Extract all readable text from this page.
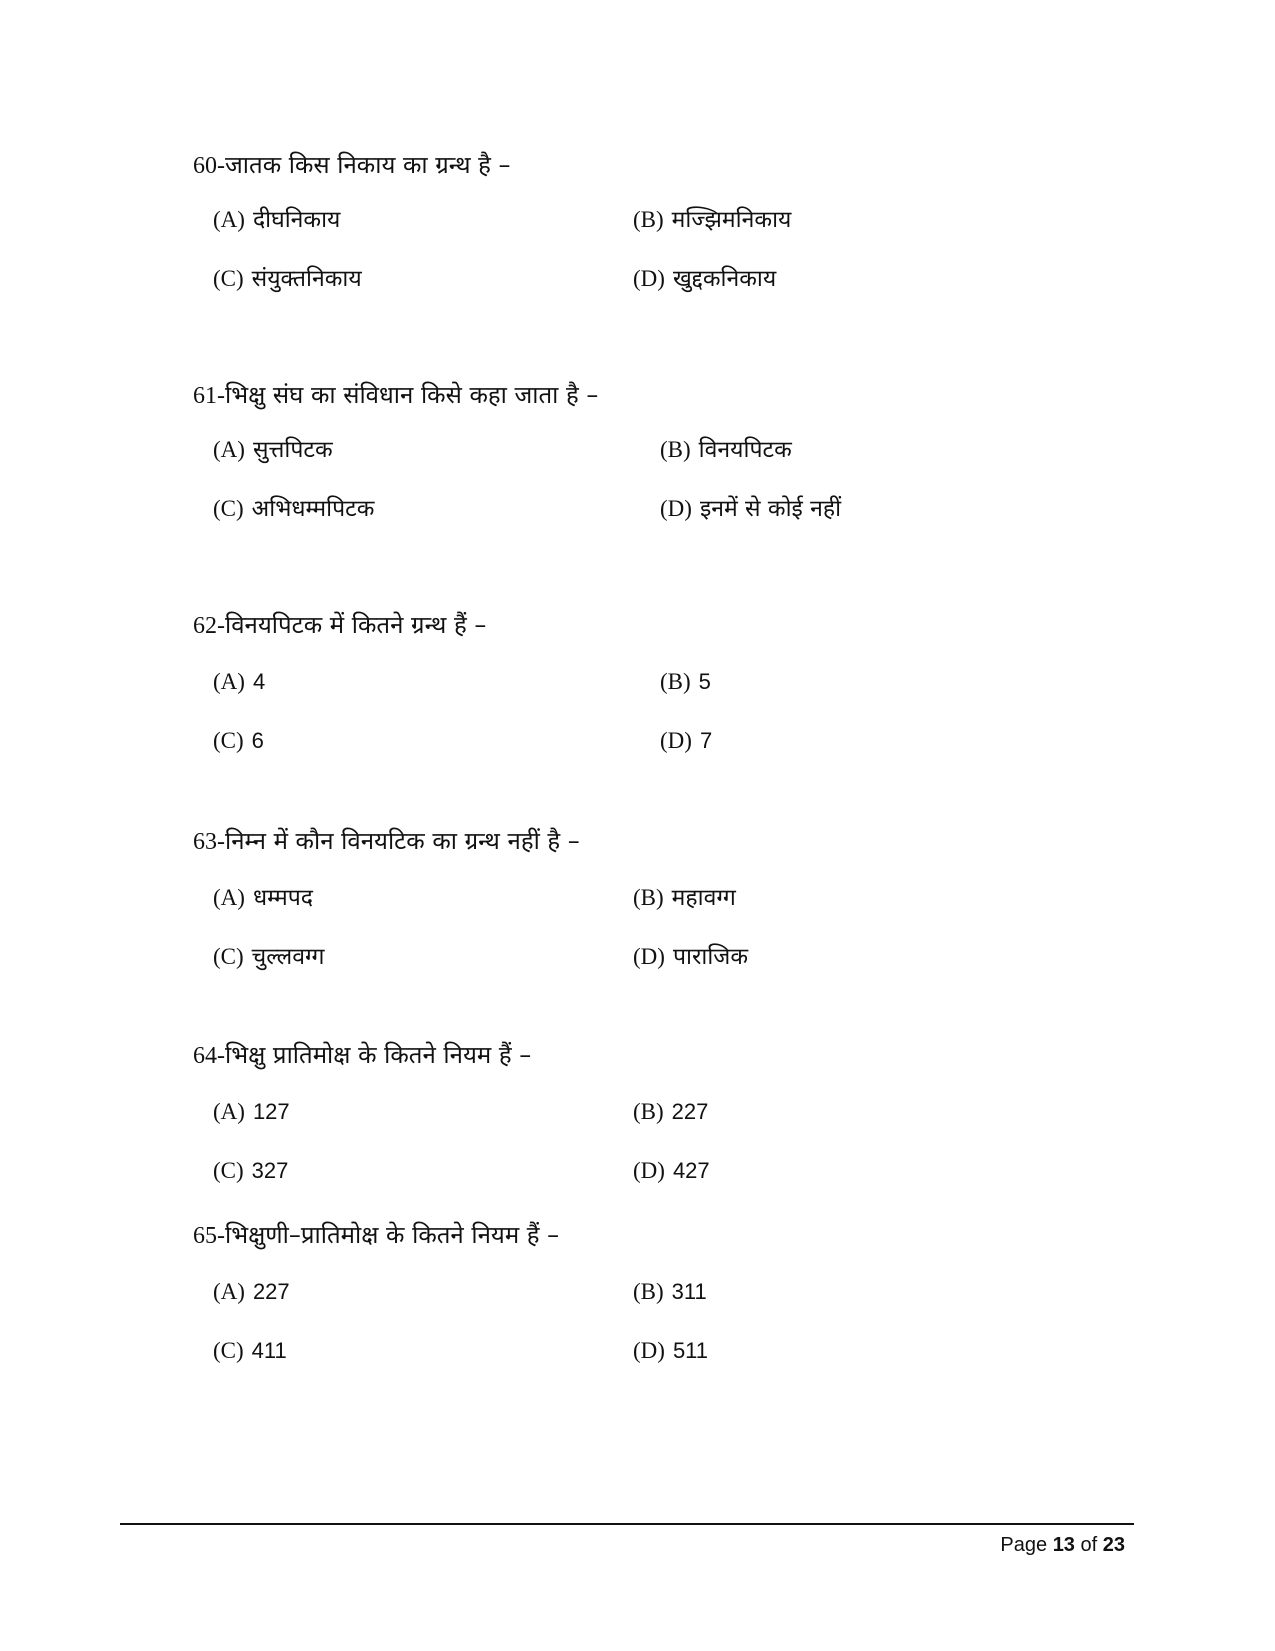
60-जातक किस निकाय का ग्रन्थ है –
(A) दीघनिकाय	(B) मज्झिमनिकाय
(C) संयुक्तनिकाय	(D) खुद्दकनिकाय
61-भिक्षु संघ का संविधान किसे कहा जाता है –
(A) सुत्तपिटक	(B) विनयपिटक
(C) अभिधम्मपिटक	(D) इनमें से कोई नहीं
62-विनयपिटक में कितने ग्रन्थ हैं –
(A) 4	(B) 5
(C) 6	(D) 7
63-निम्न में कौन विनयटिक का ग्रन्थ नहीं है –
(A) धम्मपद	(B) महावग्ग
(C) चुल्लवग्ग	(D) पाराजिक
64-भिक्षु प्रातिमोक्ष के कितने नियम हैं –
(A) 127	(B) 227
(C) 327	(D) 427
65-भिक्षुणी–प्रातिमोक्ष के कितने नियम हैं –
(A) 227	(B) 311
(C) 411	(D) 511
Page 13 of 23
